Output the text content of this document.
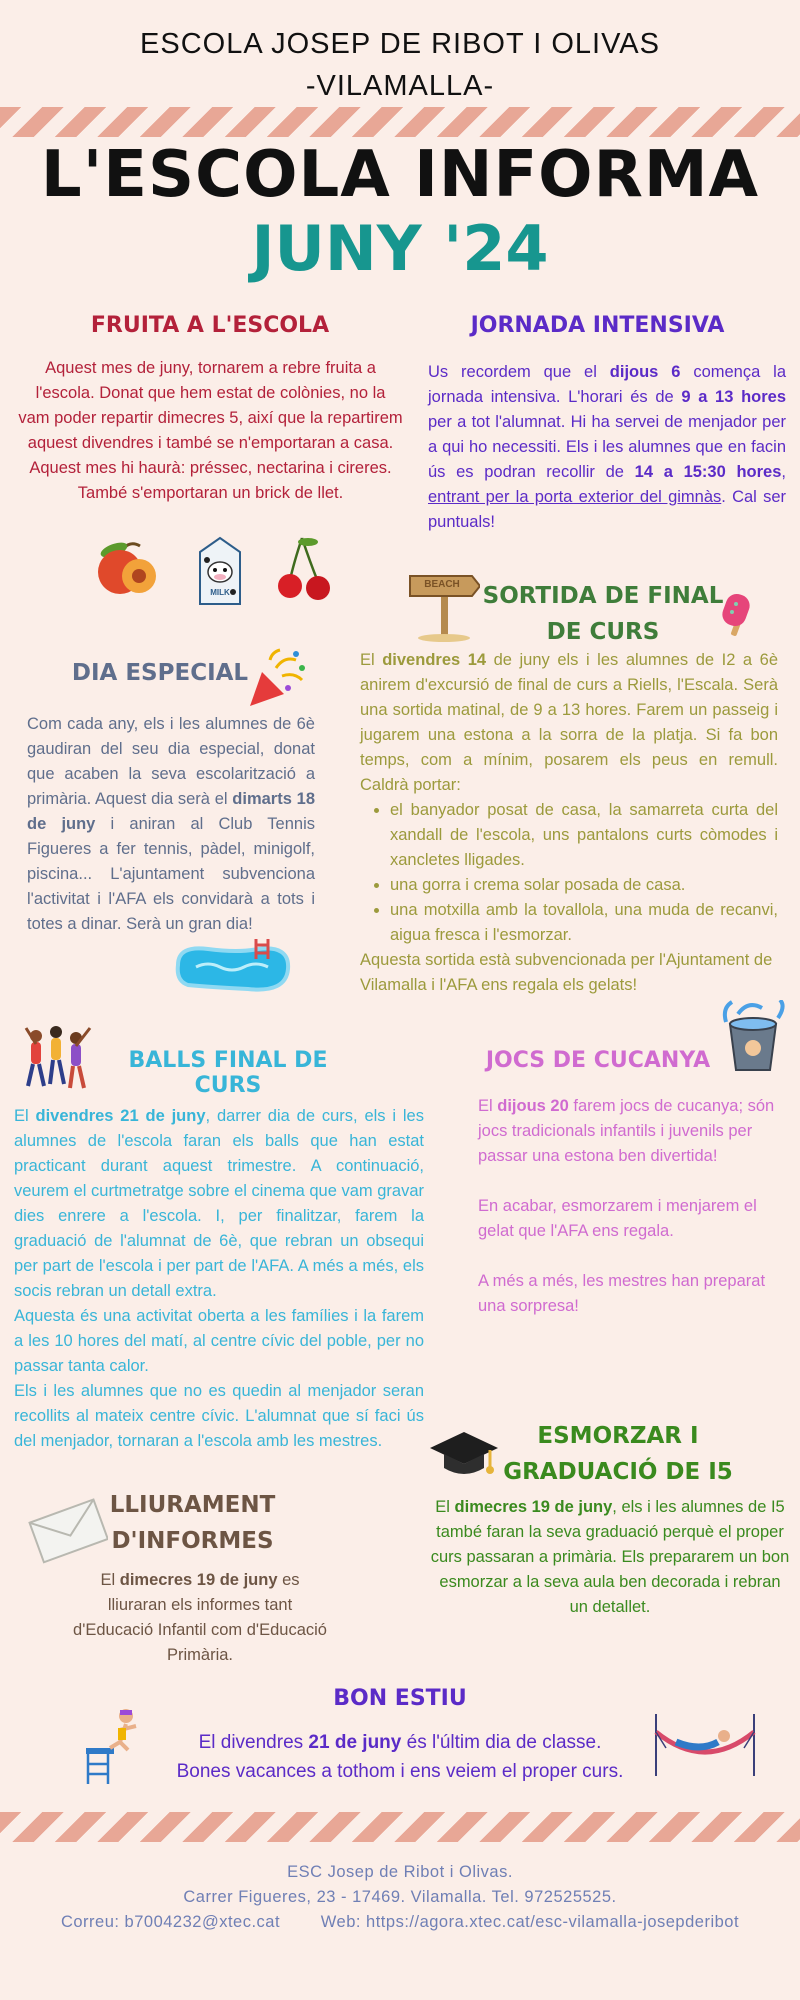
ESCOLA JOSEP DE RIBOT I OLIVAS
-VILAMALLA-
L'ESCOLA INFORMA
JUNY '24
FRUITA A L'ESCOLA
Aquest mes de juny, tornarem a rebre fruita a l'escola. Donat que hem estat de colònies, no la vam poder repartir dimecres 5, així que la repartirem aquest divendres i també se n'emportaran a casa. Aquest mes hi haurà: préssec, nectarina i cireres. També s'emportaran un brick de llet.
MILK
JORNADA INTENSIVA
Us recordem que el dijous 6 comença la jornada intensiva. L'horari és de 9 a 13 hores per a tot l'alumnat. Hi ha servei de menjador per a qui ho necessiti. Els i les alumnes que en facin ús es podran recollir de 14 a 15:30 hores, entrant per la porta exterior del gimnàs. Cal ser puntuals!
BEACH SORTIDA DE FINAL
DE CURS
El divendres 14 de juny els i les alumnes de I2 a 6è anirem d'excursió de final de curs a Riells, l'Escala. Serà una sortida matinal, de 9 a 13 hores. Farem un passeig i jugarem una estona a la sorra de la platja. Si fa bon temps, com a mínim, posarem els peus en remull. Caldrà portar:
• el banyador posat de casa, la samarreta curta del xandall de l'escola, uns pantalons curts còmodes i xancletes lligades.
• una gorra i crema solar posada de casa.
• una motxilla amb la tovallola, una muda de recanvi, aigua fresca i l'esmorzar.
Aquesta sortida està subvencionada per l'Ajuntament de Vilamalla i l'AFA ens regala els gelats!
DIA ESPECIAL
Com cada any, els i les alumnes de 6è gaudiran del seu dia especial, donat que acaben la seva escolarització a primària. Aquest dia serà el dimarts 18 de juny i aniran al Club Tennis Figueres a fer tennis, pàdel, minigolf, piscina... L'ajuntament subvenciona l'activitat i l'AFA els convidarà a tots i totes a dinar. Serà un gran dia!
BALLS FINAL DE CURS
El divendres 21 de juny, darrer dia de curs, els i les alumnes de l'escola faran els balls que han estat practicant durant aquest trimestre. A continuació, veurem el curtmetratge sobre el cinema que vam gravar dies enrere a l'escola. I, per finalitzar, farem la graduació de l'alumnat de 6è, que rebran un obsequi per part de l'escola i per part de l'AFA. A més a més, els socis rebran un detall extra.
Aquesta és una activitat oberta a les famílies i la farem a les 10 hores del matí, al centre cívic del poble, per no passar tanta calor.
Els i les alumnes que no es quedin al menjador seran recollits al mateix centre cívic. L'alumnat que sí faci ús del menjador, tornaran a l'escola amb les mestres.
JOCS DE CUCANYA
El dijous 20 farem jocs de cucanya; són jocs tradicionals infantils i juvenils per passar una estona ben divertida!
En acabar, esmorzarem i menjarem el gelat que l'AFA ens regala.
A més a més, les mestres han preparat una sorpresa!
ESMORZAR I
GRADUACIÓ DE I5
El dimecres 19 de juny, els i les alumnes de I5 també faran la seva graduació perquè el proper curs passaran a primària. Els prepararem un bon esmorzar a la seva aula ben decorada i rebran un detallet.
LLIURAMENT
D'INFORMES
El dimecres 19 de juny es lliuraran els informes tant d'Educació Infantil com d'Educació Primària.
BON ESTIU
El divendres 21 de juny és l'últim dia de classe.
Bones vacances a tothom i ens veiem el proper curs.
ESC Josep de Ribot i Olivas.
Carrer Figueres, 23 - 17469. Vilamalla. Tel. 972525525.
Correu: b7004232@xtec.cat Web: https://agora.xtec.cat/esc-vilamalla-josepderibot
